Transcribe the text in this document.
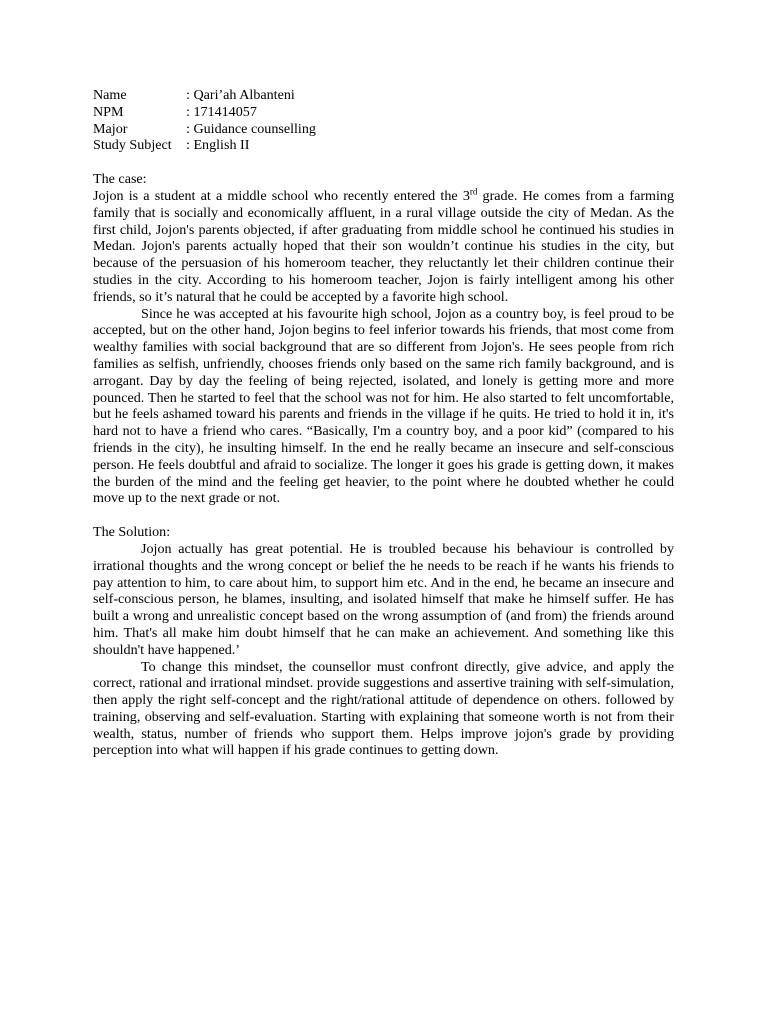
Name	: Qari’ah Albanteni
NPM	: 171414057
Major	: Guidance counselling
Study Subject	: English II
The case:

Jojon is a student at a middle school who recently entered the 3rd grade. He comes from a farming family that is socially and economically affluent, in a rural village outside the city of Medan. As the first child, Jojon's parents objected, if after graduating from middle school he continued his studies in Medan. Jojon's parents actually hoped that their son wouldn’t continue his studies in the city, but because of the persuasion of his homeroom teacher, they reluctantly let their children continue their studies in the city. According to his homeroom teacher, Jojon is fairly intelligent among his other friends, so it’s natural that he could be accepted by a favorite high school.

Since he was accepted at his favourite high school, Jojon as a country boy, is feel proud to be accepted, but on the other hand, Jojon begins to feel inferior towards his friends, that most come from wealthy families with social background that are so different from Jojon's. He sees people from rich families as selfish, unfriendly, chooses friends only based on the same rich family background, and is arrogant. Day by day the feeling of being rejected, isolated, and lonely is getting more and more pounced. Then he started to feel that the school was not for him. He also started to felt uncomfortable, but he feels ashamed toward his parents and friends in the village if he quits. He tried to hold it in, it's hard not to have a friend who cares. “Basically, I'm a country boy, and a poor kid” (compared to his friends in the city), he insulting himself. In the end he really became an insecure and self-conscious person. He feels doubtful and afraid to socialize. The longer it goes his grade is getting down, it makes the burden of the mind and the feeling get heavier, to the point where he doubted whether he could move up to the next grade or not.

The Solution:

Jojon actually has great potential. He is troubled because his behaviour is controlled by irrational thoughts and the wrong concept or belief the he needs to be reach if he wants his friends to pay attention to him, to care about him, to support him etc. And in the end, he became an insecure and self-conscious person, he blames, insulting, and isolated himself that make he himself suffer. He has built a wrong and unrealistic concept based on the wrong assumption of (and from) the friends around him. That's all make him doubt himself that he can make an achievement. And something like this shouldn't have happened.’

To change this mindset, the counsellor must confront directly, give advice, and apply the correct, rational and irrational mindset. provide suggestions and assertive training with self-simulation, then apply the right self-concept and the right/rational attitude of dependence on others. followed by training, observing and self-evaluation. Starting with explaining that someone worth is not from their wealth, status, number of friends who support them. Helps improve jojon's grade by providing perception into what will happen if his grade continues to getting down.
